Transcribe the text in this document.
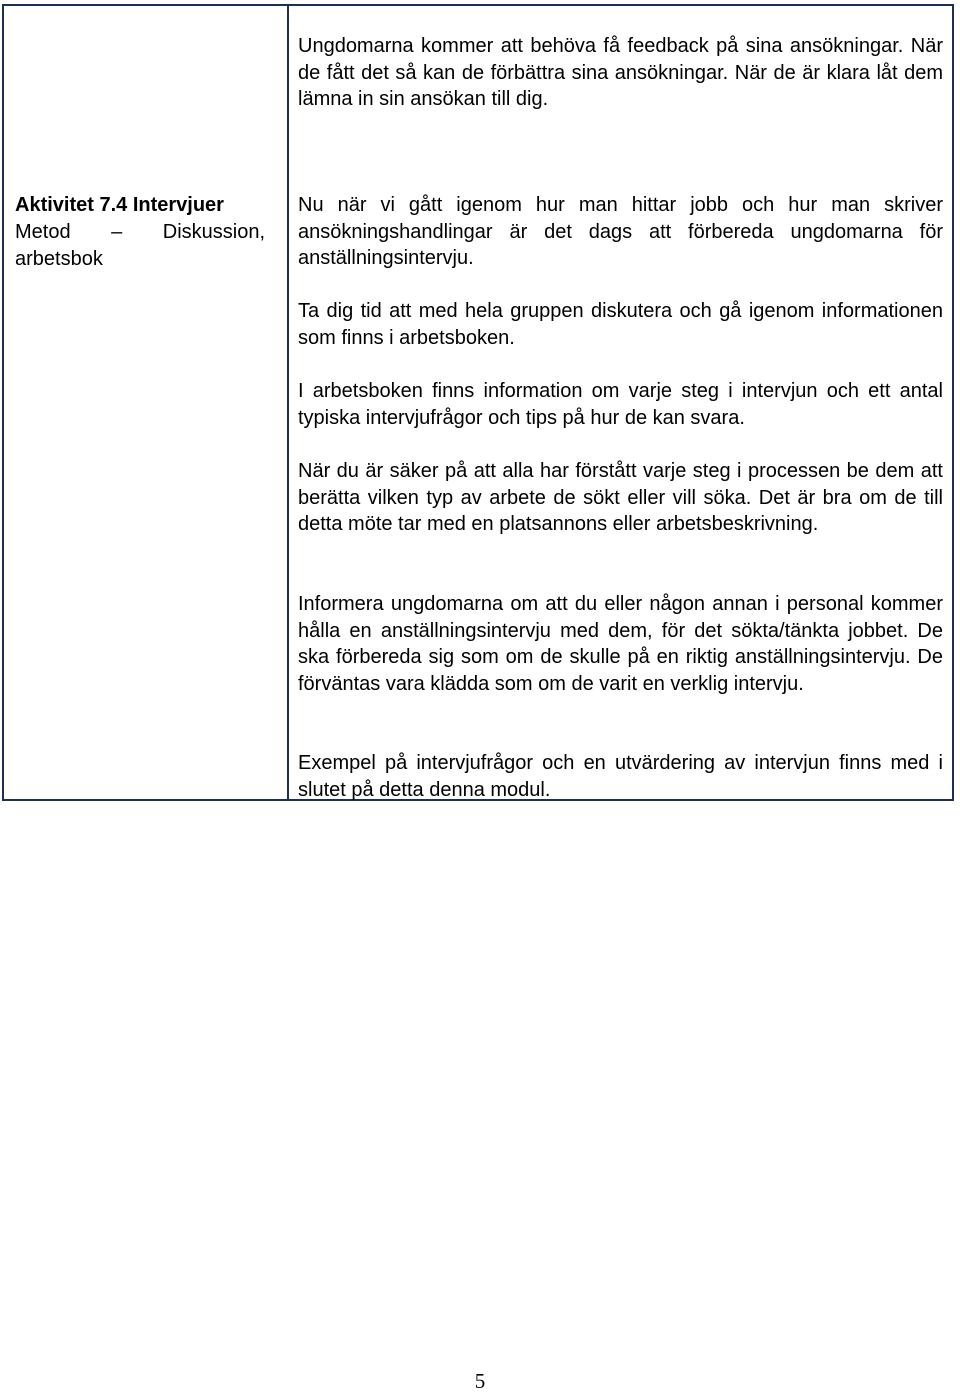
Aktivitet 7.4 Intervjuer

Metod – Diskussion, arbetsbok

Ungdomarna kommer att behöva få feedback på sina ansökningar. När de fått det så kan de förbättra sina ansökningar. När de är klara låt dem lämna in sin ansökan till dig.

Nu när vi gått igenom hur man hittar jobb och hur man skriver ansökningshandlingar är det dags att förbereda ungdomarna för anställningsintervju.

Ta dig tid att med hela gruppen diskutera och gå igenom informationen som finns i arbetsboken.

I arbetsboken finns information om varje steg i intervjun och ett antal typiska intervjufrågor och tips på hur de kan svara.

När du är säker på att alla har förstått varje steg i processen be dem att berätta vilken typ av arbete de sökt eller vill söka. Det är bra om de till detta möte tar med en platsannons eller arbetsbeskrivning.

Informera ungdomarna om att du eller någon annan i personal kommer hålla en anställningsintervju med dem, för det sökta/tänkta jobbet. De ska förbereda sig som om de skulle på en riktig anställningsintervju. De förväntas vara klädda som om de varit en verklig intervju.

Exempel på intervjufrågor och en utvärdering av intervjun finns med i slutet på detta denna modul.

5
